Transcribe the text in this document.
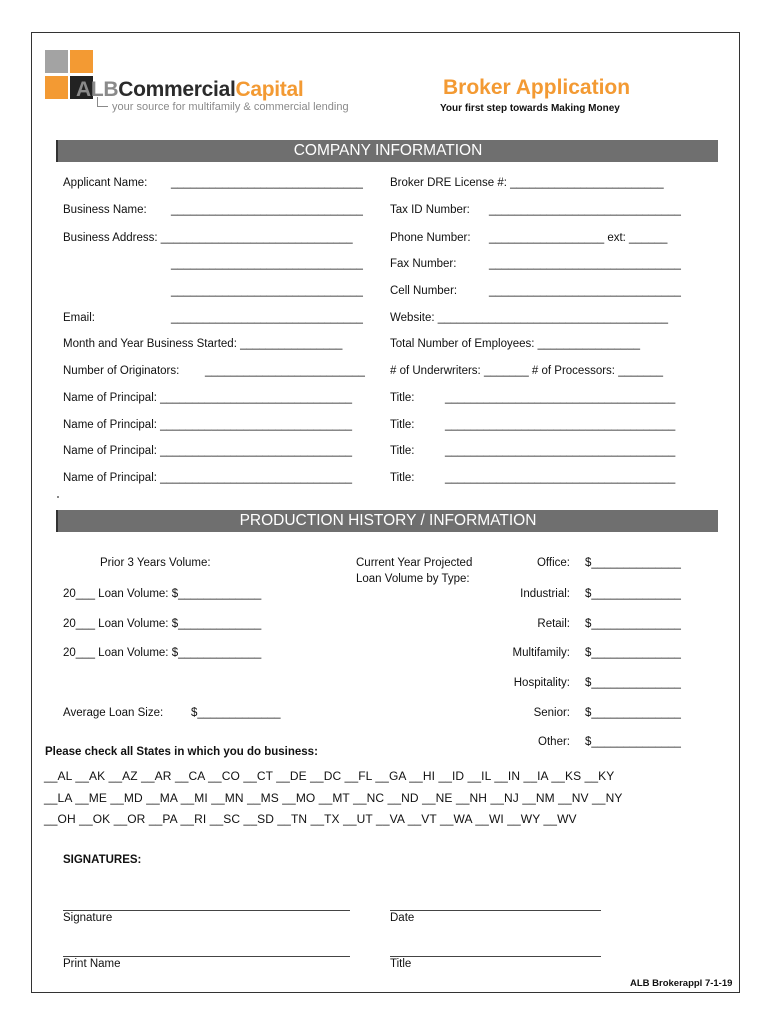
ALBCommercialCapital
your source for multifamily & commercial lending
Broker Application
Your first step towards Making Money
COMPANY INFORMATION
Applicant Name: ______________________________ Broker DRE License #: ________________________
Business Name: ______________________________ Tax ID Number: ______________________________
Business Address: ______________________________	Phone Number: __________________ ext: ______
______________________________ Fax Number:	______________________________
______________________________ Cell Number:	______________________________
Email:	______________________________ Website: ____________________________________
Month and Year Business Started: ________________	Total Number of Employees: ________________
Number of Originators: _________________________ # of Underwriters: _______ # of Processors: _______
Name of Principal: ______________________________	Title:	____________________________________
Name of Principal: ______________________________	Title:	____________________________________
Name of Principal: ______________________________	Title:	____________________________________
Name of Principal: ______________________________	Title:	____________________________________
PRODUCTION HISTORY / INFORMATION
Prior 3 Years Volume:	Current Year Projected
Loan Volume by Type:
20___ Loan Volume: $_____________
20___ Loan Volume: $_____________
20___ Loan Volume: $_____________
Average Loan Size: $_____________
Office: $______________
Industrial: $______________
Retail: $______________
Multifamily: $______________
Hospitality: $______________
Senior: $______________
Other: $______________
Please check all States in which you do business:
__AL __AK __AZ __AR __CA __CO __CT __DE __DC __FL __GA __HI __ID __IL __IN __IA __KS __KY
__LA __ME __MD __MA __MI __MN __MS __MO __MT __NC __ND __NE __NH __NJ __NM __NV __NY
__OH __OK __OR __PA __RI __SC __SD __TN __TX __UT __VA __VT __WA __WI __WY __WV
SIGNATURES:
Signature	Date
Print Name	Title
ALB Brokerappl 7-1-19
